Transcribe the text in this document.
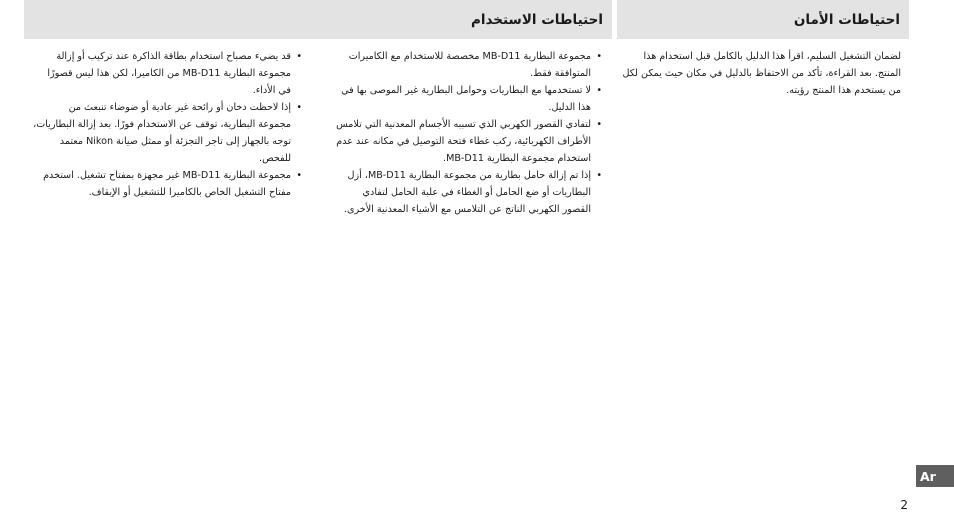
احتياطات الأمان

لضمان التشغيل السليم، اقرأ هذا الدليل بالكامل قبل استخدام هذا المنتج. بعد القراءة، تأكد من الاحتفاظ بالدليل في مكان حيث يمكن لكل من يستخدم هذا المنتج رؤيته.

احتياطات الاستخدام
• مجموعة البطارية MB-D11 مخصصة للاستخدام مع الكاميرات المتوافقة فقط.
• لا تستخدمها مع البطاريات وحوامل البطارية غير الموصى بها في هذا الدليل.
• لتفادي القصور الكهربي الذي تسببه الأجسام المعدنية التي تلامس الأطراف الكهربائية، ركب غطاء فتحة التوصيل في مكانه عند عدم استخدام مجموعة البطارية MB-D11.
• إذا تم إزالة حامل بطارية من مجموعة البطارية MB-D11، أزل البطاريات أو ضع الحامل أو الغطاء في علبة الحامل لتفادي القصور الكهربي الناتج عن التلامس مع الأشياء المعدنية الأخرى.
• قد يضيء مصباح استخدام بطاقة الذاكرة عند تركيب أو إزالة مجموعة البطارية MB-D11 من الكاميرا، لكن هذا ليس قصورًا في الأداء.
• إذا لاحظت دخان أو رائحة غير عادية أو ضوضاء تنبعث من مجموعة البطارية، توقف عن الاستخدام فورًا. بعد إزالة البطاريات، توجه بالجهاز إلى تاجر التجزئة أو ممثل صيانة Nikon معتمد للفحص.
• مجموعة البطارية MB-D11 غير مجهزة بمفتاح تشغيل. استخدم مفتاح التشغيل الخاص بالكاميرا للتشغيل أو الإيقاف.
Ar
2
